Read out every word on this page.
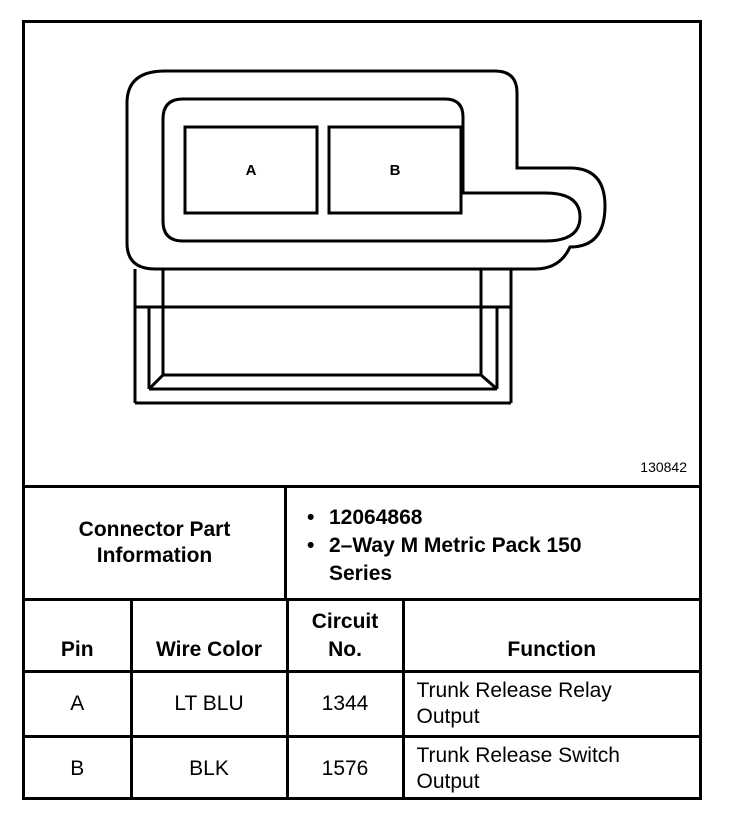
A	B
130842
Connector Part Information
• 12064868
• 2–Way M Metric Pack 150 Series
Pin	Wire Color	Circuit No.	Function
A	LT BLU	1344	Trunk Release Relay Output
B	BLK	1576	Trunk Release Switch Output
